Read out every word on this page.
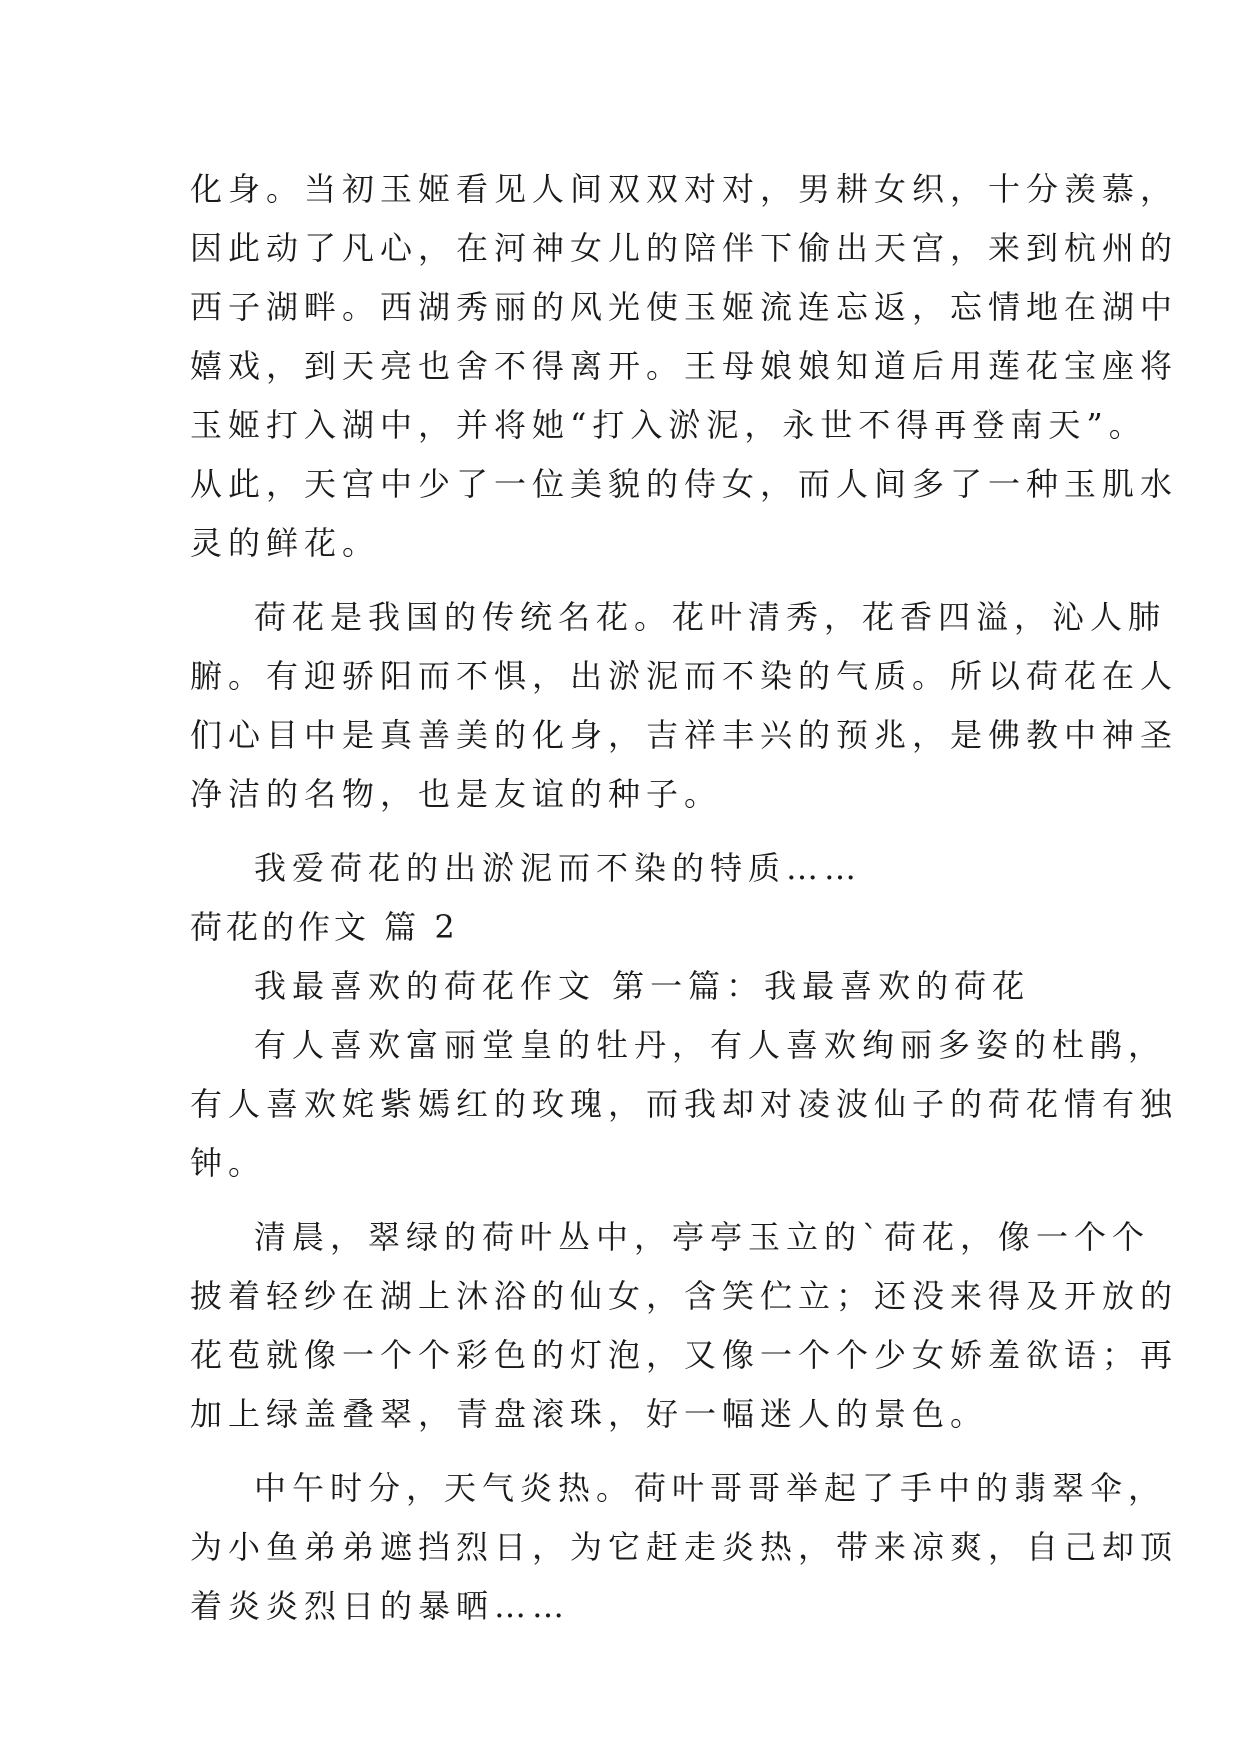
化身。当初玉姬看见人间双双对对，男耕女织，十分羡慕，
因此动了凡心，在河神女儿的陪伴下偷出天宫，来到杭州的
西子湖畔。西湖秀丽的风光使玉姬流连忘返，忘情地在湖中
嬉戏，到天亮也舍不得离开。王母娘娘知道后用莲花宝座将
玉姬打入湖中，并将她“打入淤泥，永世不得再登南天”。
从此，天宫中少了一位美貌的侍女，而人间多了一种玉肌水
灵的鲜花。
荷花是我国的传统名花。花叶清秀，花香四溢，沁人肺
腑。有迎骄阳而不惧，出淤泥而不染的气质。所以荷花在人
们心目中是真善美的化身，吉祥丰兴的预兆，是佛教中神圣
净洁的名物，也是友谊的种子。
我爱荷花的出淤泥而不染的特质……
荷花的作文 篇 2
我最喜欢的荷花作文 第一篇：我最喜欢的荷花
有人喜欢富丽堂皇的牡丹，有人喜欢绚丽多姿的杜鹃，
有人喜欢姹紫嫣红的玫瑰，而我却对凌波仙子的荷花情有独
钟。
清晨，翠绿的荷叶丛中，亭亭玉立的`荷花，像一个个
披着轻纱在湖上沐浴的仙女，含笑伫立；还没来得及开放的
花苞就像一个个彩色的灯泡，又像一个个少女娇羞欲语；再
加上绿盖叠翠，青盘滚珠，好一幅迷人的景色。
中午时分，天气炎热。荷叶哥哥举起了手中的翡翠伞，
为小鱼弟弟遮挡烈日，为它赶走炎热，带来凉爽，自己却顶
着炎炎烈日的暴晒……
